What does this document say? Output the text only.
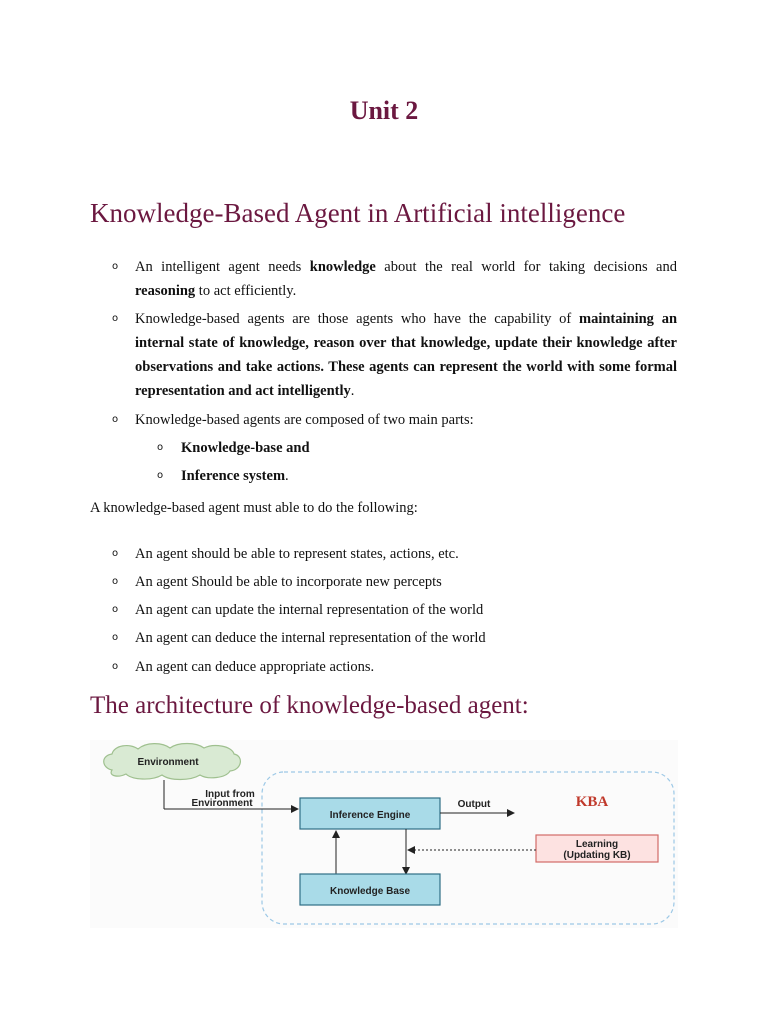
Unit 2
Knowledge-Based Agent in Artificial intelligence
o An intelligent agent needs knowledge about the real world for taking decisions and reasoning to act efficiently.
o Knowledge-based agents are those agents who have the capability of maintaining an internal state of knowledge, reason over that knowledge, update their knowledge after observations and take actions. These agents can represent the world with some formal representation and act intelligently.
o Knowledge-based agents are composed of two main parts:
o Knowledge-base and
o Inference system.

A knowledge-based agent must able to do the following:

o An agent should be able to represent states, actions, etc.
o An agent Should be able to incorporate new percepts
o An agent can update the internal representation of the world
o An agent can deduce the internal representation of the world
o An agent can deduce appropriate actions.
The architecture of knowledge-based agent:
Environment
Input from
Environment
Inference Engine
Output	KBA
Learning
(Updating KB)
Knowledge Base
